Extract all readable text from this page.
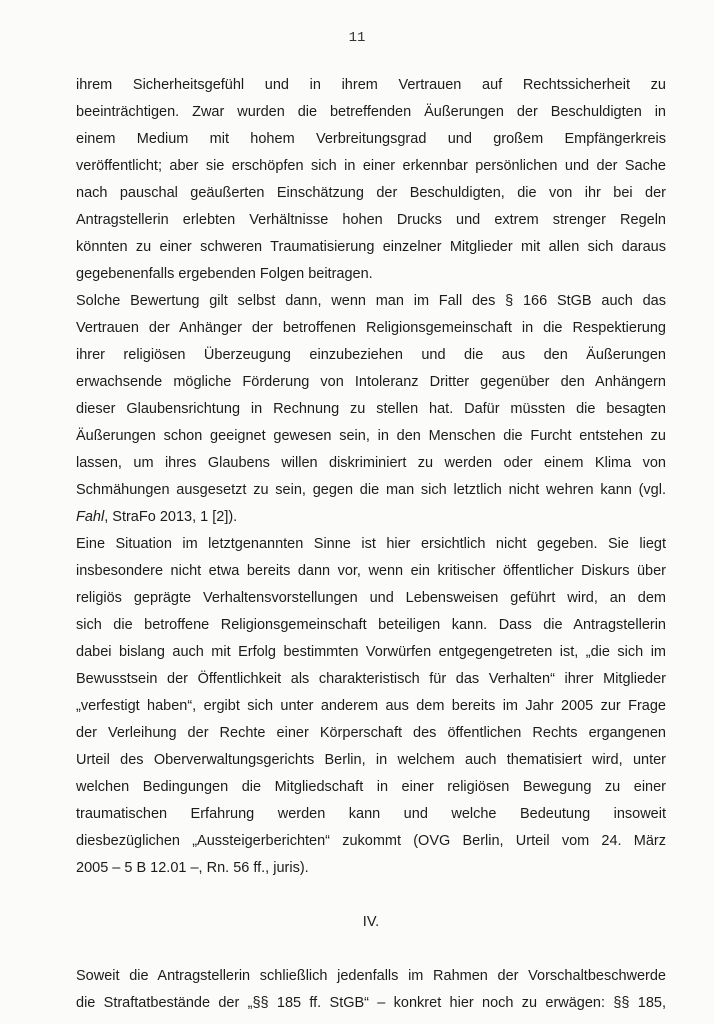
11
ihrem Sicherheitsgefühl und in ihrem Vertrauen auf Rechtssicherheit zu
beeinträchtigen. Zwar wurden die betreffenden Äußerungen der Beschuldigten in
einem Medium mit hohem Verbreitungsgrad und großem Empfängerkreis
veröffentlicht; aber sie erschöpfen sich in einer erkennbar persönlichen und der Sache
nach pauschal geäußerten Einschätzung der Beschuldigten, die von ihr bei der
Antragstellerin erlebten Verhältnisse hohen Drucks und extrem strenger Regeln
könnten zu einer schweren Traumatisierung einzelner Mitglieder mit allen sich daraus
gegebenenfalls ergebenden Folgen beitragen.
Solche Bewertung gilt selbst dann, wenn man im Fall des § 166 StGB auch das
Vertrauen der Anhänger der betroffenen Religionsgemeinschaft in die Respektierung
ihrer religiösen Überzeugung einzubeziehen und die aus den Äußerungen
erwachsende mögliche Förderung von Intoleranz Dritter gegenüber den Anhängern
dieser Glaubensrichtung in Rechnung zu stellen hat. Dafür müssten die besagten
Äußerungen schon geeignet gewesen sein, in den Menschen die Furcht entstehen zu
lassen, um ihres Glaubens willen diskriminiert zu werden oder einem Klima von
Schmähungen ausgesetzt zu sein, gegen die man sich letztlich nicht wehren kann (vgl.
Fahl, StraFo 2013, 1 [2]).
Eine Situation im letztgenannten Sinne ist hier ersichtlich nicht gegeben. Sie liegt
insbesondere nicht etwa bereits dann vor, wenn ein kritischer öffentlicher Diskurs über
religiös geprägte Verhaltensvorstellungen und Lebensweisen geführt wird, an dem
sich die betroffene Religionsgemeinschaft beteiligen kann. Dass die Antragstellerin
dabei bislang auch mit Erfolg bestimmten Vorwürfen entgegengetreten ist, „die sich im
Bewusstsein der Öffentlichkeit als charakteristisch für das Verhalten“ ihrer Mitglieder
„verfestigt haben“, ergibt sich unter anderem aus dem bereits im Jahr 2005 zur Frage
der Verleihung der Rechte einer Körperschaft des öffentlichen Rechts ergangenen
Urteil des Oberverwaltungsgerichts Berlin, in welchem auch thematisiert wird, unter
welchen Bedingungen die Mitgliedschaft in einer religiösen Bewegung zu einer
traumatischen Erfahrung werden kann und welche Bedeutung insoweit
diesbezüglichen „Aussteigerberichten“ zukommt (OVG Berlin, Urteil vom 24. März
2005 – 5 B 12.01 –, Rn. 56 ff., juris).
IV.
Soweit die Antragstellerin schließlich jedenfalls im Rahmen der Vorschaltbeschwerde
die Straftatbestände der „§§ 185 ff. StGB“ – konkret hier noch zu erwägen: §§ 185,
